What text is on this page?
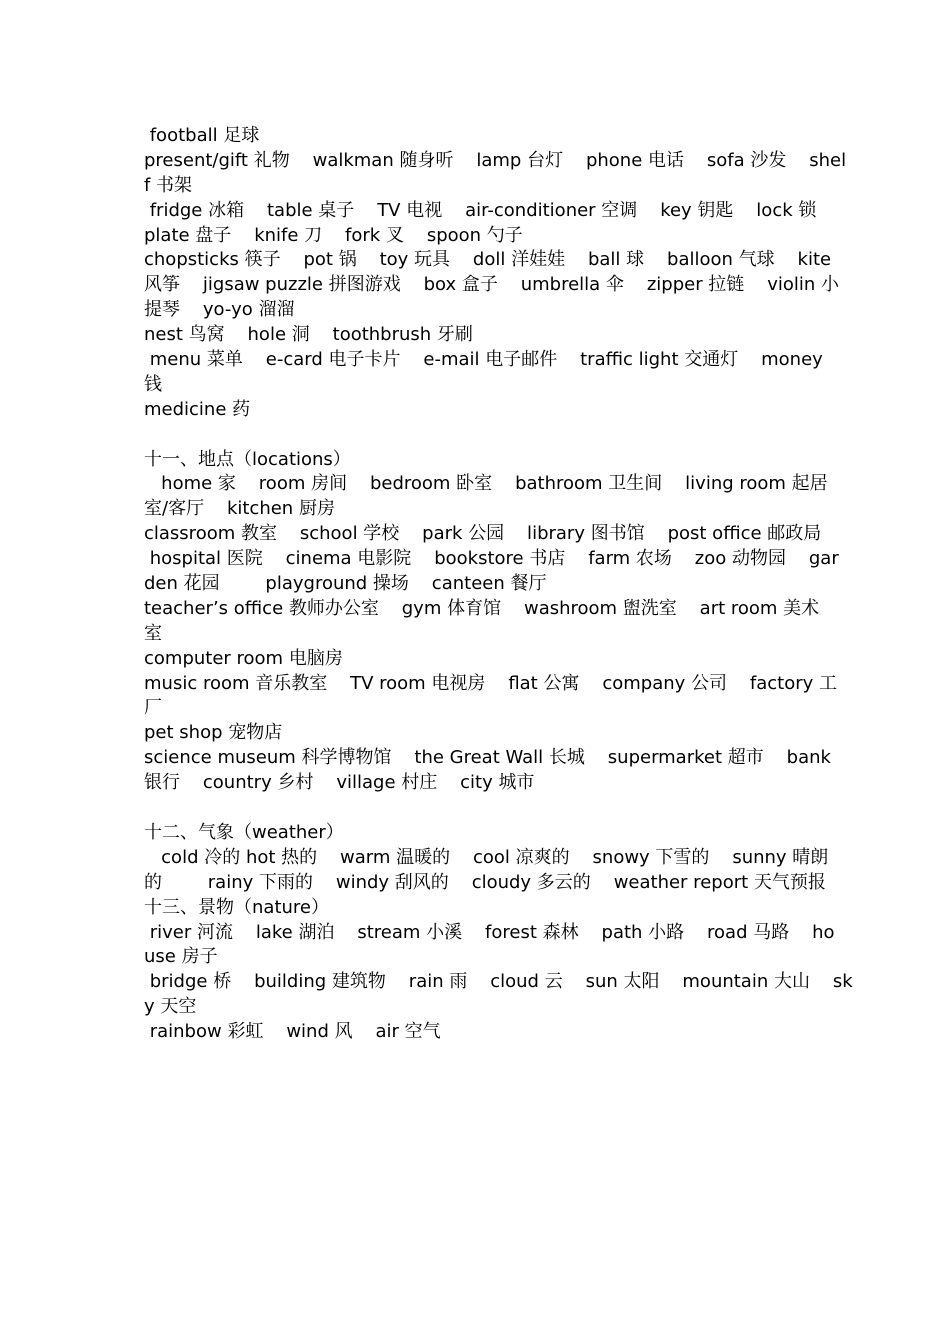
football 足球
present/gift 礼物    walkman 随身听    lamp 台灯    phone 电话    sofa 沙发    shel
f 书架
fridge 冰箱    table 桌子    TV 电视    air-conditioner 空调    key 钥匙    lock 锁
plate 盘子    knife 刀    fork 叉    spoon 勺子
chopsticks 筷子    pot 锅    toy 玩具    doll 洋娃娃    ball 球    balloon 气球    kite
风筝    jigsaw puzzle 拼图游戏    box 盒子    umbrella 伞    zipper 拉链    violin 小
提琴    yo-yo 溜溜
nest 鸟窝    hole 洞    toothbrush 牙刷
menu 菜单    e-card 电子卡片    e-mail 电子邮件    traffic light 交通灯    money
钱
medicine 药
十一、地点（locations）
home 家    room 房间    bedroom 卧室    bathroom 卫生间    living room 起居
室/客厅    kitchen 厨房
classroom 教室    school 学校    park 公园    library 图书馆    post office 邮政局
hospital 医院    cinema 电影院    bookstore 书店    farm 农场    zoo 动物园    gar
den 花园        playground 操场    canteen 餐厅
teacher’s office 教师办公室    gym 体育馆    washroom 盥洗室    art room 美术
室
computer room 电脑房
music room 音乐教室    TV room 电视房    flat 公寓    company 公司    factory 工
厂
pet shop 宠物店
science museum 科学博物馆    the Great Wall 长城    supermarket 超市    bank
银行    country 乡村    village 村庄    city 城市
十二、气象（weather）
cold 冷的 hot 热的    warm 温暖的    cool 凉爽的    snowy 下雪的    sunny 晴朗
的        rainy 下雨的    windy 刮风的    cloudy 多云的    weather report 天气预报
十三、景物（nature）
river 河流    lake 湖泊    stream 小溪    forest 森林    path 小路    road 马路    ho
use 房子
bridge 桥    building 建筑物    rain 雨    cloud 云    sun 太阳    mountain 大山    sk
y 天空
rainbow 彩虹    wind 风    air 空气
